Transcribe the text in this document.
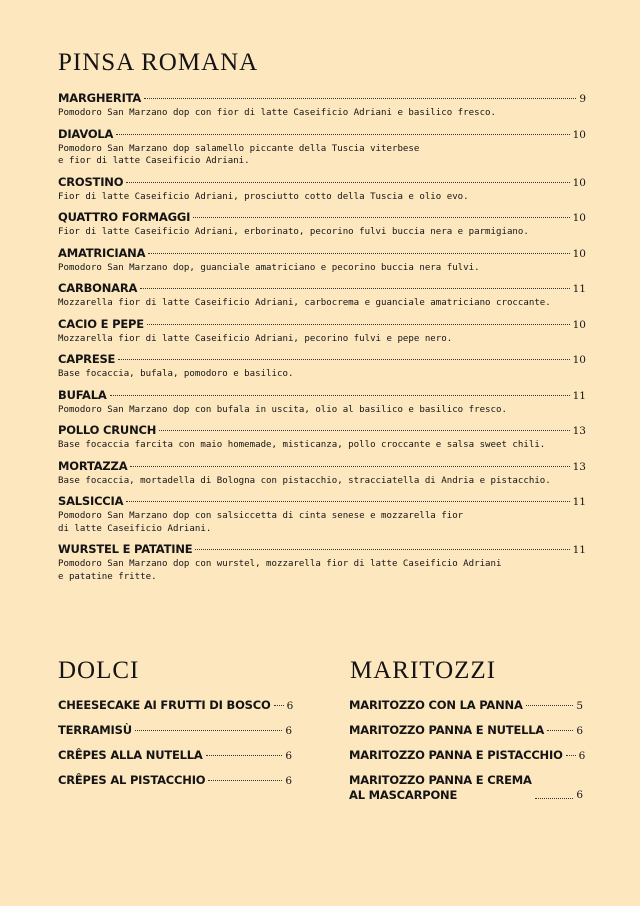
PINSA ROMANA
MARGHERITA	9
Pomodoro San Marzano dop con fior di latte Caseificio Adriani e basilico fresco.
DIAVOLA	10
Pomodoro San Marzano dop salamello piccante della Tuscia viterbese
e fior di latte Caseificio Adriani.
CROSTINO	10
Fior di latte Caseificio Adriani, prosciutto cotto della Tuscia e olio evo.
QUATTRO FORMAGGI	10
Fior di latte Caseificio Adriani, erborinato, pecorino fulvi buccia nera e parmigiano.
AMATRICIANA	10
Pomodoro San Marzano dop, guanciale amatriciano e pecorino buccia nera fulvi.
CARBONARA	11
Mozzarella fior di latte Caseificio Adriani, carbocrema e guanciale amatriciano croccante.
CACIO E PEPE	10
Mozzarella fior di latte Caseificio Adriani, pecorino fulvi e pepe nero.
CAPRESE	10
Base focaccia, bufala, pomodoro e basilico.
BUFALA	11
Pomodoro San Marzano dop con bufala in uscita, olio al basilico e basilico fresco.
POLLO CRUNCH	13
Base focaccia farcita con maio homemade, misticanza, pollo croccante e salsa sweet chili.
MORTAZZA	13
Base focaccia, mortadella di Bologna con pistacchio, stracciatella di Andria e pistacchio.
SALSICCIA	11
Pomodoro San Marzano dop con salsiccetta di cinta senese e mozzarella fior
di latte Caseificio Adriani.
WURSTEL E PATATINE	11
Pomodoro San Marzano dop con wurstel, mozzarella fior di latte Caseificio Adriani
e patatine fritte.
DOLCI
CHEESECAKE AI FRUTTI DI BOSCO 6
TERRAMISÙ	6
CRÊPES ALLA NUTELLA	6
CRÊPES AL PISTACCHIO	6
MARITOZZI
MARITOZZO CON LA PANNA	5
MARITOZZO PANNA E NUTELLA	6
MARITOZZO PANNA E PISTACCHIO 6
MARITOZZO PANNA E CREMA
AL MASCARPONE	6
